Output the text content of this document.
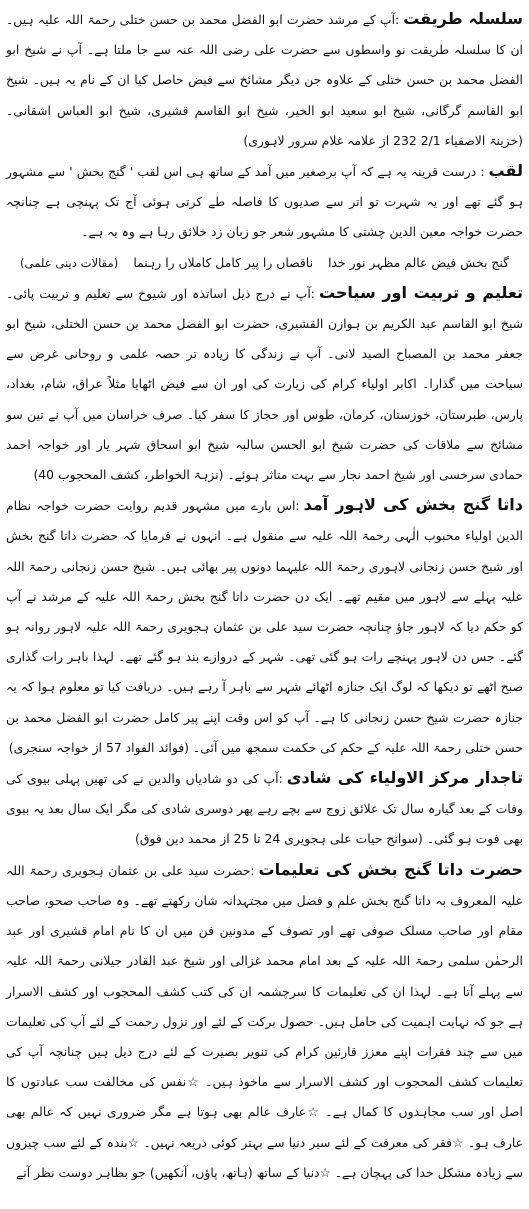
سلسلہ طریقت:آپ کے مرشد حضرت ابو الفضل محمد بن حسن ختلی رحمۃ اللہ علیہ ہیں۔ ان کا سلسلہ طریقت نو واسطوں سے حضرت علی رضی اللہ عنہ سے جا ملتا ہے۔ آپ نے شیخ ابو الفضل محمد بن حسن ختلی کے علاوہ جن دیگر مشائخ سے فیض حاصل کیا ان کے نام یہ ہیں۔ شیخ ابو القاسم گرگانی، شیخ ابو سعید ابو الخیر، شیخ ابو القاسم قشیری، شیخ ابو العباس اشقانی۔ (خزینۃ الاصفیاء 2/1 232 از علامہ غلام سرور لاہوری)

لقب: درست قرینہ یہ ہے کہ آپ برصغیر میں آمد کے ساتھ ہی اس لقب ' گنج بخش ' سے مشہور ہو گئے تھے اور یہ شہرت تو اتر سے صدیوں کا فاصلہ طے کرتی ہوئی آج تک پہنچی ہے چنانچہ حضرت خواجہ معین الدین چشتی کا مشہور شعر جو زبان زد خلائق رہا ہے وہ یہ ہے۔

گنج بخش فیض عالم مظہر نور خدا
ناقصاں را پیر کامل کاملاں را رہنما
(مقالات دینی علمی)

تعلیم و تربیت اور سیاحت:آپ نے درج ذیل اساتذہ اور شیوخ سے تعلیم و تربیت پائی۔ شیخ ابو القاسم عبد الکریم بن ہوازن القشیری، حضرت ابو الفضل محمد بن حسن الختلی، شیخ ابو جعفر محمد بن المصباح الصید لانی۔ آپ نے زندگی کا زیادہ تر حصہ علمی و روحانی غرض سے سیاحت میں گذارا۔ اکابر اولیاء کرام کی زیارت کی اور ان سے فیض اٹھایا مثلاً عراق، شام، بغداد، پارس، طبرستان، خوزستان، کرمان، طوس اور حجاز کا سفر کیا۔ صرف خراسان میں آپ نے تین سو مشائخ سے ملاقات کی حضرت شیخ ابو الحسن سالبہ شیخ ابو اسحاق شہر یار اور خواجہ احمد حمادی سرخسی اور شیخ احمد نجار سے بہت متاثر ہوئے۔ (نزہۃ الخواطر، کشف المحجوب 40)

داتا گنج بخش کی لاہور آمد:اس بارے میں مشہور قدیم روایت حضرت خواجہ نظام الدین اولیاء محبوب الٰہی رحمۃ اللہ علیہ سے منقول ہے۔ انہوں نے فرمایا کہ حضرت داتا گنج بخش اور شیخ حسن زنجانی لاہوری رحمۃ اللہ علیہما دونوں پیر بھائی ہیں۔ شیخ حسن زنجانی رحمۃ اللہ علیہ پہلے سے لاہور میں مقیم تھے۔ ایک دن حضرت داتا گنج بخش رحمۃ اللہ علیہ کے مرشد نے آپ کو حکم دیا کہ لاہور جاؤ چنانچہ حضرت سید علی بن عثمان ہجویری رحمۃ اللہ علیہ لاہور روانہ ہو گئے۔ جس دن لاہور پہنچے رات ہو گئی تھی۔ شہر کے دروازے بند ہو گئے تھے۔ لہذا باہر رات گذاری صبح اٹھے تو دیکھا کہ لوگ ایک جنازہ اٹھائے شہر سے باہر آ رہے ہیں۔ دریافت کیا تو معلوم ہوا کہ یہ جنازہ حضرت شیخ حسن زنجانی کا ہے۔ آپ کو اس وقت اپنے پیر کامل حضرت ابو الفضل محمد بن حسن ختلی رحمۃ اللہ علیہ کے حکم کی حکمت سمجھ میں آئی۔ (فوائد الفواد 57 از خواجہ سنجری)

تاجدار مرکز الاولیاء کی شادی:آپ کی دو شادیاں والدین نے کی تھیں پہلی بیوی کی وفات کے بعد گیارہ سال تک علائق زوج سے بچے رہے پھر دوسری شادی کی مگر ایک سال بعد یہ بیوی بھی فوت ہو گئی۔ (سوانح حیات علی ہجویری 24 تا 25 از محمد دین فوق)

حضرت داتا گنج بخش کی تعلیمات:حضرت سید علی بن عثمان ہجویری رحمۃ اللہ علیہ المعروف بہ داتا گنج بخش علم و فضل میں مجتہدانہ شان رکھتے تھے۔ وہ صاحب صحو، صاحب مقام اور صاحب مسلک صوفی تھے اور تصوف کے مدونین فن میں ان کا نام امام قشیری اور عبد الرحمٰن سلمی رحمۃ اللہ علیہ کے بعد امام محمد غزالی اور شیخ عبد القادر جیلانی رحمۃ اللہ علیہ سے پہلے آتا ہے۔ لہذا ان کی تعلیمات کا سرچشمہ ان کی کتب کشف المحجوب اور کشف الاسرار ہے جو کہ نہایت اہمیت کی حامل ہیں۔ حصول برکت کے لئے اور نزول رحمت کے لئے آپ کی تعلیمات میں سے چند فقرات اپنے معزز قارئین کرام کی تنویر بصیرت کے لئے درج ذیل ہیں چنانچہ آپ کی تعلیمات کشف المحجوب اور کشف الاسرار سے ماخوذ ہیں۔ ☆نفس کی مخالفت سب عبادتوں کا اصل اور سب مجاہدوں کا کمال ہے۔ ☆عارف عالم بھی ہوتا ہے مگر ضروری نہیں کہ عالم بھی عارف ہو۔ ☆فقر کی معرفت کے لئے سیر دنیا سے بہتر کوئی ذریعہ نہیں۔ ☆بندہ کے لئے سب چیزوں سے زیادہ مشکل خدا کی پہچان ہے۔ ☆دنیا کے ساتھ (ہاتھ، پاؤں، آنکھیں) جو بظاہر دوست نظر آتے
